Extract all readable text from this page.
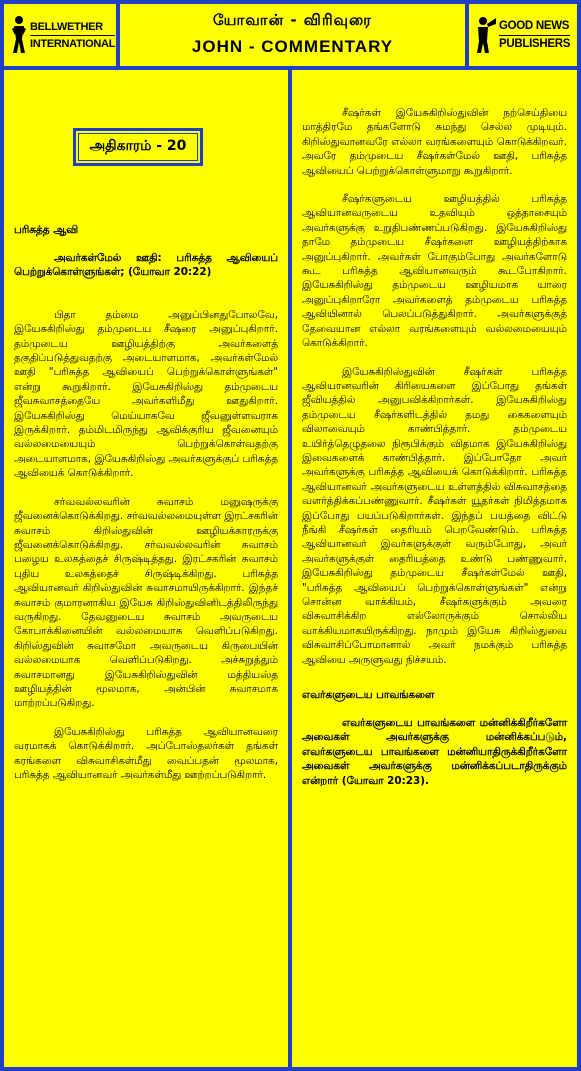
BELLWETHER
INTERNATIONAL
யோவான் - விரிவுரை
JOHN - COMMENTARY
GOOD NEWS
PUBLISHERS
அதிகாரம் - 20

பரிசுத்த ஆவி

அவர்கள்மேல் ஊதி: பரிசுத்த ஆவியைப் பெற்றுக்கொள்ளுங்கள்; (யோவா 20:22)

பிதா தம்மை அனுப்பினதுபோலவே, இயேசுகிறிஸ்து தம்முடைய சீஷரை அனுப்புகிறார். தம்முடைய ஊழியத்திற்கு அவர்களைத் தகுதிப்படுத்துவதற்கு அடையாளமாக, அவர்கள்மேல் ஊதி "பரிசுத்த ஆவியைப் பெற்றுக்கொள்ளுங்கள்" என்று கூறுகிறார். இயேசுகிறிஸ்து தம்முடைய ஜீவசுவாசத்தையே அவர்களிமீது ஊதுகிறார். இயேசுகிறிஸ்து மெய்யாகவே ஜீவனுள்ளவராக இருக்கிறார். தம்மிடமிருந்து ஆவிக்குரிய ஜீவனையும் வல்லமையையும் பெற்றுக்கொள்வதற்கு அடையாளமாக, இயேசுகிறிஸ்து அவர்களுக்குப் பரிசுத்த ஆவியைக் கொடுக்கிறார்.

சர்வவல்லவரின் சுவாசம் மனுஷருக்கு ஜீவனைக்கொடுக்கிறது. சர்வவல்லமையுள்ள இரட்சகரின் சுவாசம் கிறிஸ்துவின் ஊழியக்காரருக்கு ஜீவனைக்கொடுக்கிறது. சர்வவல்லவரின் சுவாசம் பழைய உலகத்தைச் சிருஷ்டித்தது. இரட்சகரின் சுவாசம் புதிய உலகத்தைச் சிருஷ்டிக்கிறது. பரிசுத்த ஆவியானவர் கிறிஸ்துவின் சுவாசமாயிருக்கிறார். இந்தச் சுவாசம் குமாரனாகிய இயேசு கிறிஸ்துவினிடத்திலிருந்து வருகிறது. தேவனுடைய சுவாசம் அவருடைய கோபாக்கினையின் வல்லமையாக வெளிப்படுகிறது. கிறிஸ்துவின் சுவாசமோ அவருடைய கிருபையின் வல்லமையாக வெளிப்படுகிறது. அச்சுறுத்தும் சுவாசமானது இயேசுகிறிஸ்துவின் மத்தியஸ்த ஊழியத்தின் மூலமாக, அன்பின் சுவாசமாக மாற்றப்படுகிறது.

இயேசுகிறிஸ்து பரிசுத்த ஆவியானவரை வரமாகக் கொடுக்கிறார். அப்போஸ்தலர்கள் தங்கள் கரங்களை விசுவாசிகள்மீது வைப்பதன் மூலமாக, பரிசுத்த ஆவியானவர் அவர்கள்மீது ஊற்றப்படுகிறார்.

சீஷர்கள் இயேசுகிறிஸ்துவின் நற்செய்தியை மாத்திரமே தங்களோடு சுமந்து செல்ல முடியும். கிறிஸ்துவானவரே எல்லா வரங்களையும் கொடுக்கிறவர். அவரே தம்முடைய சீஷர்கள்மேல் ஊதி, பரிசுத்த ஆவியைப் பெற்றுக்கொள்ளுமாறு கூறுகிறார்.

சீஷர்களுடைய ஊழியத்தில் பரிசுத்த ஆவியானவருடைய உதவியும் ஒத்தாசையும் அவர்களுக்கு உறுதிபண்ணப்படுகிறது. இயேசுகிறிஸ்து தாமே தம்முடைய சீஷர்களை ஊழியத்திற்காக அனுப்புகிறார். அவர்கள் போகும்போது அவர்களோடு கூட பரிசுத்த ஆவியானவரும் கூடபோகிறார். இயேசுகிறிஸ்து தம்முடைய ஊழியமாக யாரை அனுப்புகிறாரோ அவர்களைத் தம்முடைய பரிசுத்த ஆவியினால் பெலப்படுத்துகிறார். அவர்களுக்குத் தேவையான எல்லா வரங்களையும் வல்லமையையும் கொடுக்கிறார்.

இயேசுகிறிஸ்துவின் சீஷர்கள் பரிசுத்த ஆவியானவரின் கிரியைகளை இப்போது தங்கள் ஜீவியத்தில் அனுபவிக்கிறார்கள். இயேசுகிறிஸ்து தம்முடைய சீஷர்களிடத்தில் தமது கைகளையும் விலாவையும் காண்பித்தார். தம்முடைய உயிர்த்தெழுதலை நிரூபிக்கும் விதமாக இயேசுகிறிஸ்து இவைகளைக் காண்பித்தார். இப்போதோ அவர் அவர்களுக்கு பரிசுத்த ஆவியைக் கொடுக்கிறார். பரிசுத்த ஆவியானவர் அவர்களுடைய உள்ளத்தில் விசுவாசத்தை வளர்த்திக்கப்பண்ணுவார். சீஷர்கள் யூதர்கள் நிமித்தமாக இப்போது பயப்படுகிறார்கள். இந்தப் பயத்தை விட்டு நீங்கி சீஷர்கள் தைரியம் பெறவேண்டும். பரிசுத்த ஆவியானவர் இவர்களுக்குள் வரும்போது, அவர் அவர்களுக்குள் தைரியத்தை உண்டு பண்ணுவார். இயேசுகிறிஸ்து தம்முடைய சீஷர்கள்மேல் ஊதி, "பரிசுத்த ஆவியைப் பெற்றுக்கொள்ளுங்கள்" என்று சொன்ன வாக்கியம், சீஷர்களுக்கும் அவரை விசுவாசிக்கிற எல்லோருக்கும் சொல்லிய வாக்கியமாகயிருக்கிறது. நாமும் இயேசு கிறிஸ்துவை விசுவாசிப்போமானால் அவர் நமக்கும் பரிசுத்த ஆவியை அருளுவது நிச்சயம்.

எவர்களுடைய பாவங்களை

எவர்களுடைய பாவங்களை மன்னிக்கிறீர்களோ அவைகள் அவர்களுக்கு மன்னிக்கப்படும், எவர்களுடைய பாவங்களை மன்னியாதிருக்கிறீர்களோ அவைகள் அவர்களுக்கு மன்னிக்கப்படாதிருக்கும் என்றார் (யோவா 20:23).
